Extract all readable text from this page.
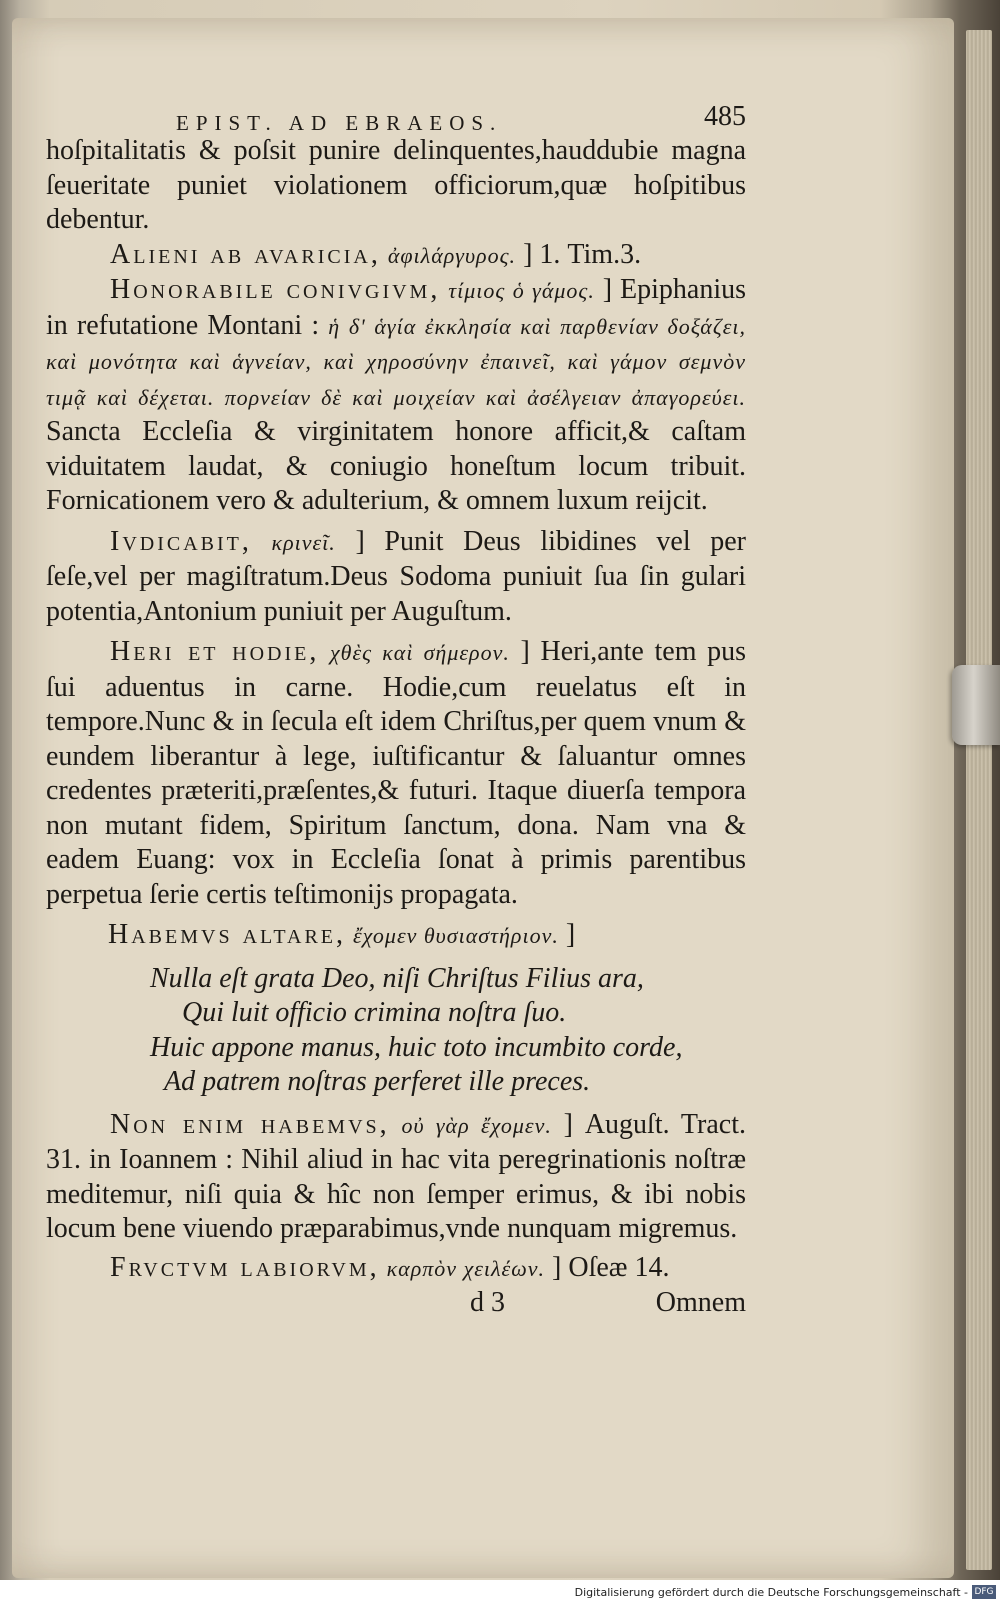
EPIST. AD EBRAEOS.	485

hoſpitalitatis & poſsit punire delinquentes,hauddubie magna ſeueritate puniet violationem officiorum,quæ hoſpitibus debentur.

Alieni ab avaricia, ἀφιλάργυρος. ] 1. Tim.3.

Honorabile conivgivm, τίμιος ὁ γάμος. ] Epiphanius in refutatione Montani : ἡ δ' ἁγία ἐκκλησία καὶ παρθενίαν δοξάζει, καὶ μονότητα καὶ ἁγνείαν, καὶ χηροσύνην ἐπαινεῖ, καὶ γάμον σεμνὸν τιμᾷ καὶ δέχεται. πορνείαν δὲ καὶ μοιχείαν καὶ ἀσέλγειαν ἀπαγορεύει. Sancta Eccleſia & virginitatem honore afficit,& caſtam viduitatem laudat, & coniugio honeſtum locum tribuit. Fornicationem vero & adulterium, & omnem luxum reijcit.

Ivdicabit, κρινεῖ. ] Punit Deus libidines vel per ſeſe,vel per magiſtratum.Deus Sodoma puniuit ſua ſin gulari potentia,Antonium puniuit per Auguſtum.

Heri et hodie, χθὲς καὶ σήμερον. ] Heri,ante tem pus ſui aduentus in carne. Hodie,cum reuelatus eſt in tempore.Nunc & in ſecula eſt idem Chriſtus,per quem vnum & eundem liberantur à lege, iuſtificantur & ſaluantur omnes credentes præteriti,præſentes,& futuri. Itaque diuerſa tempora non mutant fidem, Spiritum ſanctum, dona. Nam vna & eadem Euang: vox in Eccleſia ſonat à primis parentibus perpetua ſerie certis teſtimonijs propagata.

Habemvs altare, ἔχομεν θυσιαστήριον. ]

Nulla eſt grata Deo, niſi Chriſtus Filius ara,
Qui luit officio crimina noſtra ſuo.
Huic appone manus, huic toto incumbito corde,
Ad patrem noſtras perferet ille preces.

Non enim habemvs, οὐ γὰρ ἔχομεν. ] Auguſt. Tract. 31. in Ioannem : Nihil aliud in hac vita peregrinationis noſtræ meditemur, niſi quia & hîc non ſemper erimus, & ibi nobis locum bene viuendo præparabimus,vnde nunquam migremus.

Frvctvm labiorvm, καρπὸν χειλέων. ] Oſeæ 14.

d 3	Omnem
Digitalisierung gefördert durch die Deutsche Forschungsgemeinschaft - DFG
